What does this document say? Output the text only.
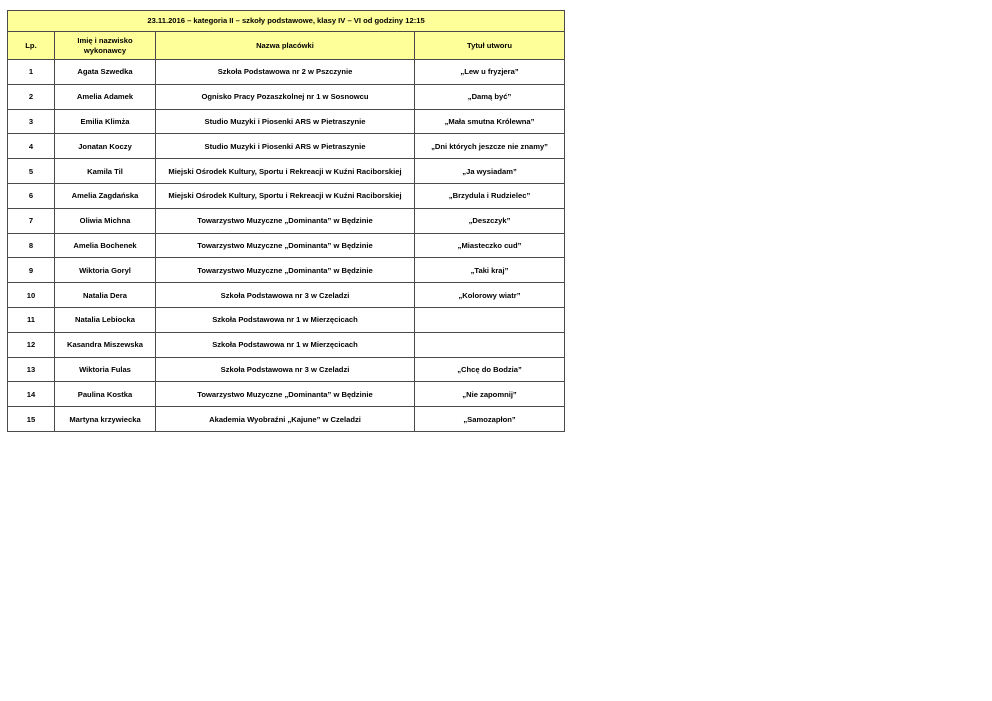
23.11.2016 – kategoria II – szkoły podstawowe, klasy IV – VI od godziny 12:15			
Lp.	Imię i nazwisko wykonawcy	Nazwa placówki	Tytuł utworu
1	Agata Szwedka	Szkoła Podstawowa nr 2 w Pszczynie	„Lew u fryzjera”
2	Amelia Adamek	Ognisko Pracy Pozaszkolnej nr 1 w Sosnowcu	„Damą być”
3	Emilia Klimża	Studio Muzyki i Piosenki ARS w Pietraszynie	„Mała smutna Królewna”
4	Jonatan Koczy	Studio Muzyki i Piosenki ARS w Pietraszynie	„Dni których jeszcze nie znamy”
5	Kamila Til	Miejski Ośrodek Kultury, Sportu i Rekreacji w Kuźni Raciborskiej	„Ja wysiadam”
6	Amelia Zagdańska	Miejski Ośrodek Kultury, Sportu i Rekreacji w Kuźni Raciborskiej	„Brzydula i Rudzielec”
7	Oliwia Michna	Towarzystwo Muzyczne „Dominanta” w Będzinie	„Deszczyk”
8	Amelia Bochenek	Towarzystwo Muzyczne „Dominanta” w Będzinie	„Miasteczko cud”
9	Wiktoria Goryl	Towarzystwo Muzyczne „Dominanta” w Będzinie	„Taki kraj”
10	Natalia Dera	Szkoła Podstawowa nr 3 w Czeladzi	„Kolorowy wiatr”
11	Natalia Lebiocka	Szkoła Podstawowa nr 1 w Mierzęcicach	
12	Kasandra Miszewska	Szkoła Podstawowa nr 1 w Mierzęcicach	
13	Wiktoria Fulas	Szkoła Podstawowa nr 3 w Czeladzi	„Chcę do Bodzia”
14	Paulina Kostka	Towarzystwo Muzyczne „Dominanta” w Będzinie	„Nie zapomnij”
15	Martyna krzywiecka	Akademia Wyobraźni „Kajune” w Czeladzi	„Samozapłon”
